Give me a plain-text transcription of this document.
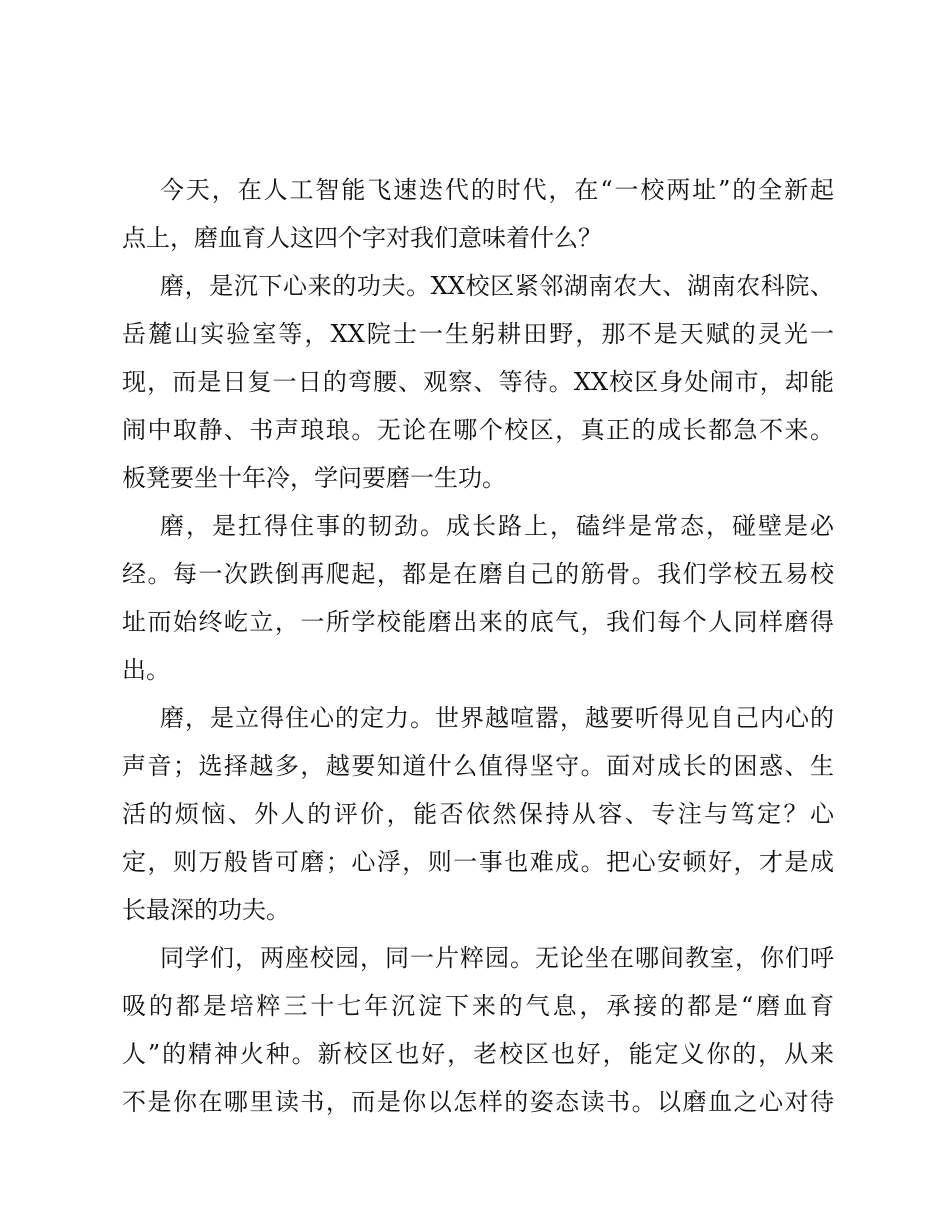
今天，在人工智能飞速迭代的时代，在“一校两址”的全新起
点上，磨血育人这四个字对我们意味着什么？
磨，是沉下心来的功夫。XX校区紧邻湖南农大、湖南农科院、
岳麓山实验室等，XX院士一生躬耕田野，那不是天赋的灵光一
现，而是日复一日的弯腰、观察、等待。XX校区身处闹市，却能
闹中取静、书声琅琅。无论在哪个校区，真正的成长都急不来。
板凳要坐十年冷，学问要磨一生功。
磨，是扛得住事的韧劲。成长路上，磕绊是常态，碰壁是必
经。每一次跌倒再爬起，都是在磨自己的筋骨。我们学校五易校
址而始终屹立，一所学校能磨出来的底气，我们每个人同样磨得
出。
磨，是立得住心的定力。世界越喧嚣，越要听得见自己内心的
声音；选择越多，越要知道什么值得坚守。面对成长的困惑、生
活的烦恼、外人的评价，能否依然保持从容、专注与笃定？心
定，则万般皆可磨；心浮，则一事也难成。把心安顿好，才是成
长最深的功夫。
同学们，两座校园，同一片粹园。无论坐在哪间教室，你们呼
吸的都是培粹三十七年沉淀下来的气息，承接的都是“磨血育
人”的精神火种。新校区也好，老校区也好，能定义你的，从来
不是你在哪里读书，而是你以怎样的姿态读书。以磨血之心对待
